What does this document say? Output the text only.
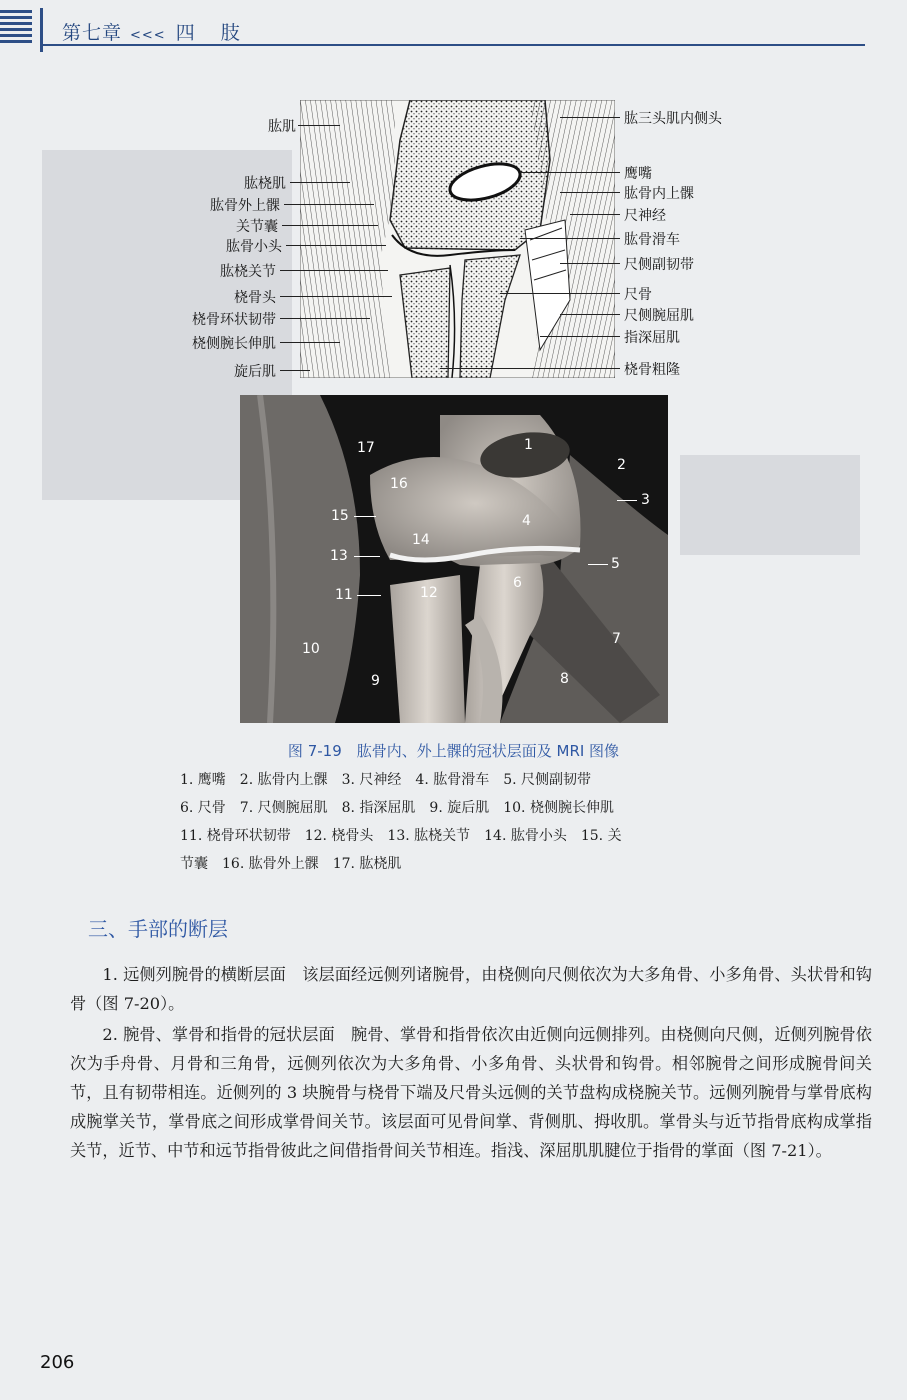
第七章 <<< 四肢
肱肌
肱桡肌
肱骨外上髁
关节囊
肱骨小头
肱桡关节
桡骨头
桡骨环状韧带
桡侧腕长伸肌
旋后肌
肱三头肌内侧头
鹰嘴
肱骨内上髁
尺神经
肱骨滑车
尺侧副韧带
尺骨
尺侧腕屈肌
指深屈肌
桡骨粗隆
1
2
3
4
5
6
7
8
9
10
11	12
13
14
15
16
17
图 7-19　肱骨内、外上髁的冠状层面及 MRI 图像

1. 鹰嘴　2. 肱骨内上髁　3. 尺神经　4. 肱骨滑车　5. 尺侧副韧带

6. 尺骨　7. 尺侧腕屈肌　8. 指深屈肌　9. 旋后肌　10. 桡侧腕长伸肌

11. 桡骨环状韧带　12. 桡骨头　13. 肱桡关节　14. 肱骨小头　15. 关

节囊　16. 肱骨外上髁　17. 肱桡肌

三、手部的断层

1. 远侧列腕骨的横断层面　该层面经远侧列诸腕骨，由桡侧向尺侧依次为大多角骨、小多角骨、头状骨和钩骨（图 7-20）。

2. 腕骨、掌骨和指骨的冠状层面　腕骨、掌骨和指骨依次由近侧向远侧排列。由桡侧向尺侧，近侧列腕骨依次为手舟骨、月骨和三角骨，远侧列依次为大多角骨、小多角骨、头状骨和钩骨。相邻腕骨之间形成腕骨间关节，且有韧带相连。近侧列的 3 块腕骨与桡骨下端及尺骨头远侧的关节盘构成桡腕关节。远侧列腕骨与掌骨底构成腕掌关节，掌骨底之间形成掌骨间关节。该层面可见骨间掌、背侧肌、拇收肌。掌骨头与近节指骨底构成掌指关节，近节、中节和远节指骨彼此之间借指骨间关节相连。指浅、深屈肌肌腱位于指骨的掌面（图 7-21）。

206
